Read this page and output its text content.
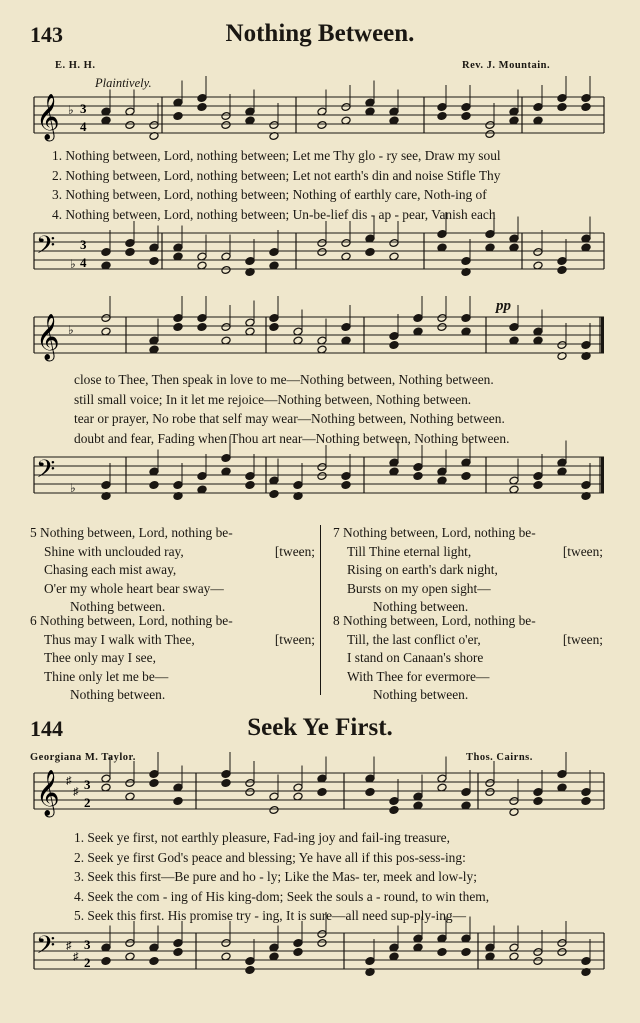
143	Nothing Between.
E. H. H.	Rev. J. Mountain.
Plaintively.
𝄞 ♭ 3
4
1. Nothing between, Lord, nothing between; Let me Thy glo - ry see, Draw my soul
2. Nothing between, Lord, nothing between; Let not earth's din and noise Stifle Thy
3. Nothing between, Lord, nothing between; Nothing of earthly care, Noth-ing of
4. Nothing between, Lord, nothing between; Un-be-lief dis - ap - pear, Vanish each
𝄢 ♭
3
4
pp
𝄞 ♭
close to Thee, Then speak in love to me—Nothing between, Nothing between.
still small voice; In it let me rejoice—Nothing between, Nothing between.
tear or prayer, No robe that self may wear—Nothing between, Nothing between.
doubt and fear, Fading when Thou art near—Nothing between, Nothing between.
𝄢 ♭
5 Nothing between, Lord, nothing be-
Shine with unclouded ray,	[tween;
Chasing each mist away,
O'er my whole heart bear sway—
Nothing between.
7 Nothing between, Lord, nothing be-
Till Thine eternal light,	[tween;
Rising on earth's dark night,
Bursts on my open sight—
Nothing between.
6 Nothing between, Lord, nothing be-
Thus may I walk with Thee,	[tween;
Thee only may I see,
Thine only let me be—
Nothing between.
8 Nothing between, Lord, nothing be-
Till, the last conflict o'er,	[tween;
I stand on Canaan's shore
With Thee for evermore—
Nothing between.
144	Seek Ye First.
Georgiana M. Taylor.	Thos. Cairns.
𝄞 ♯
♯ 3
2
1. Seek ye first, not earthly pleasure, Fad-ing joy and fail-ing treasure,
2. Seek ye first God's peace and blessing; Ye have all if this pos-sess-ing:
3. Seek this first—Be pure and ho - ly; Like the Mas- ter, meek and low-ly;
4. Seek the com - ing of His king-dom; Seek the souls a - round, to win them,
5. Seek this first. His promise try - ing, It is sure—all need sup-ply-ing—
𝄢 ♯
♯
3
2
